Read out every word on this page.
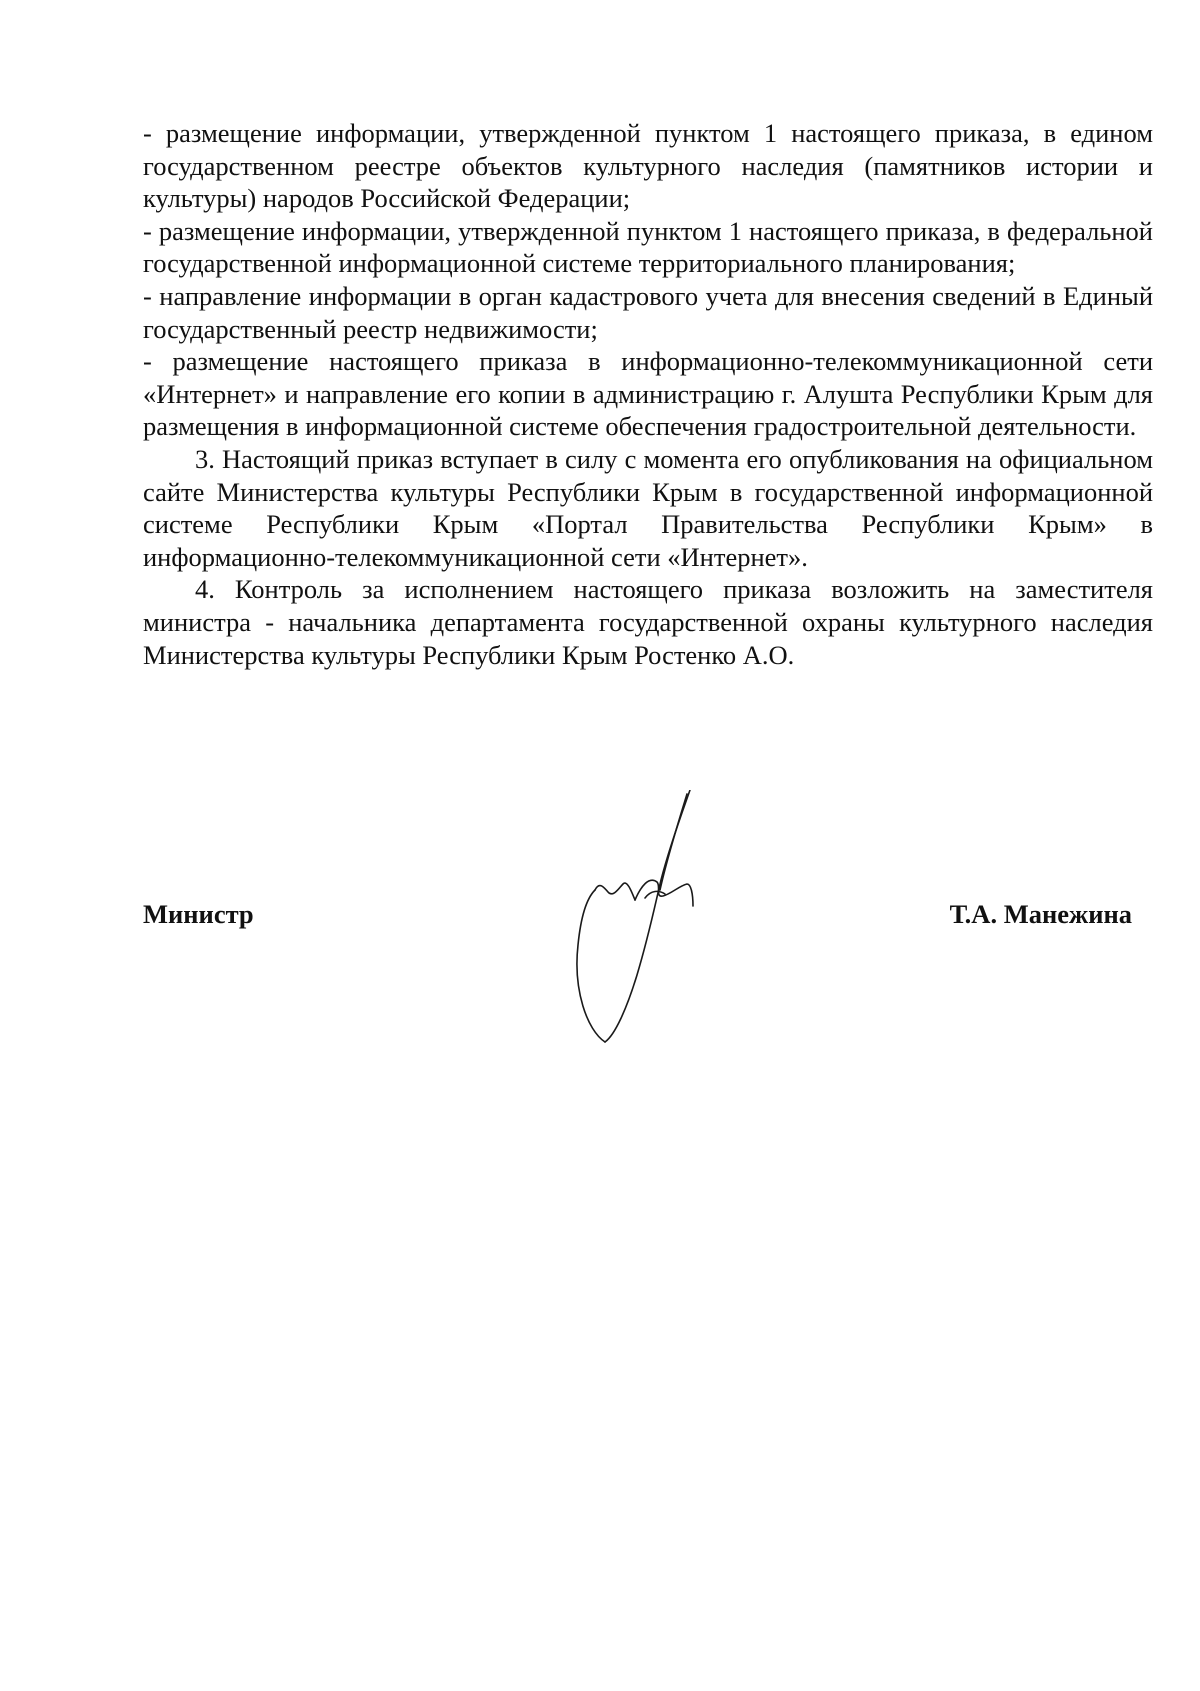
- размещение информации, утвержденной пунктом 1 настоящего приказа, в едином государственном реестре объектов культурного наследия (памятников истории и культуры) народов Российской Федерации;

- размещение информации, утвержденной пунктом 1 настоящего приказа, в федеральной государственной информационной системе территориального планирования;

- направление информации в орган кадастрового учета для внесения сведений в Единый государственный реестр недвижимости;

- размещение настоящего приказа в информационно-телекоммуникационной сети «Интернет» и направление его копии в администрацию г. Алушта Республики Крым для размещения в информационной системе обеспечения градостроительной деятельности.

3. Настоящий приказ вступает в силу с момента его опубликования на официальном сайте Министерства культуры Республики Крым в государственной информационной системе Республики Крым «Портал Правительства Республики Крым» в информационно-телекоммуникационной сети «Интернет».

4. Контроль за исполнением настоящего приказа возложить на заместителя министра - начальника департамента государственной охраны культурного наследия Министерства культуры Республики Крым Ростенко А.О.

Министр	Т.А. Манежина
